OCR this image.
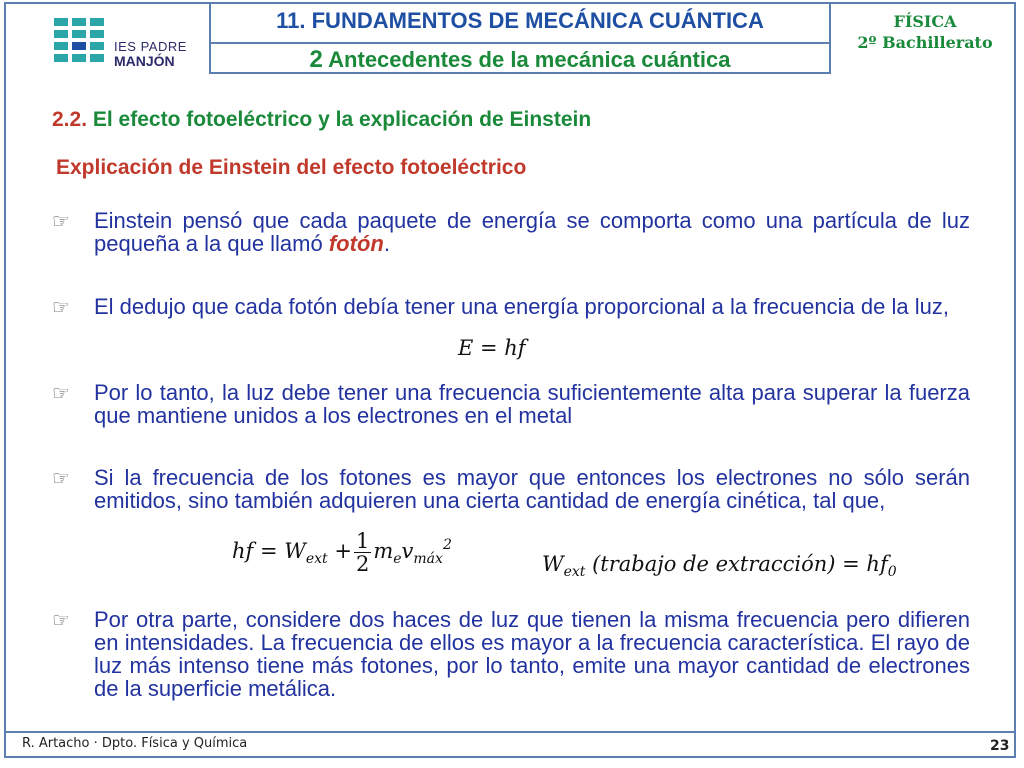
IES PADRE
MANJÓN
11. FUNDAMENTOS DE MECÁNICA CUÁNTICA
2 Antecedentes de la mecánica cuántica
FÍSICA
2º Bachillerato
2.2. El efecto fotoeléctrico y la explicación de Einstein
Explicación de Einstein del efecto fotoeléctrico
☞	Einstein pensó que cada paquete de energía se comporta como una partícula de luz pequeña a la que llamó fotón.
☞	El dedujo que cada fotón debía tener una energía proporcional a la frecuencia de la luz,
E = hf
☞	Por lo tanto, la luz debe tener una frecuencia suficientemente alta para superar la fuerza que mantiene unidos a los electrones en el metal
☞	Si la frecuencia de los fotones es mayor que entonces los electrones no sólo serán emitidos, sino también adquieren una cierta cantidad de energía cinética, tal que,
hf = $W_{ext} + \frac{1}{2} m_ev_{máx}^2$
$W_{ext}$ (trabajo de extracción) = $hf_0$
☞	Por otra parte, considere dos haces de luz que tienen la misma frecuencia pero difieren en intensidades. La frecuencia de ellos es mayor a la frecuencia característica. El rayo de luz más intenso tiene más fotones, por lo tanto, emite una mayor cantidad de electrones de la superficie metálica.
R. Artacho · Dpto. Física y Química	23
